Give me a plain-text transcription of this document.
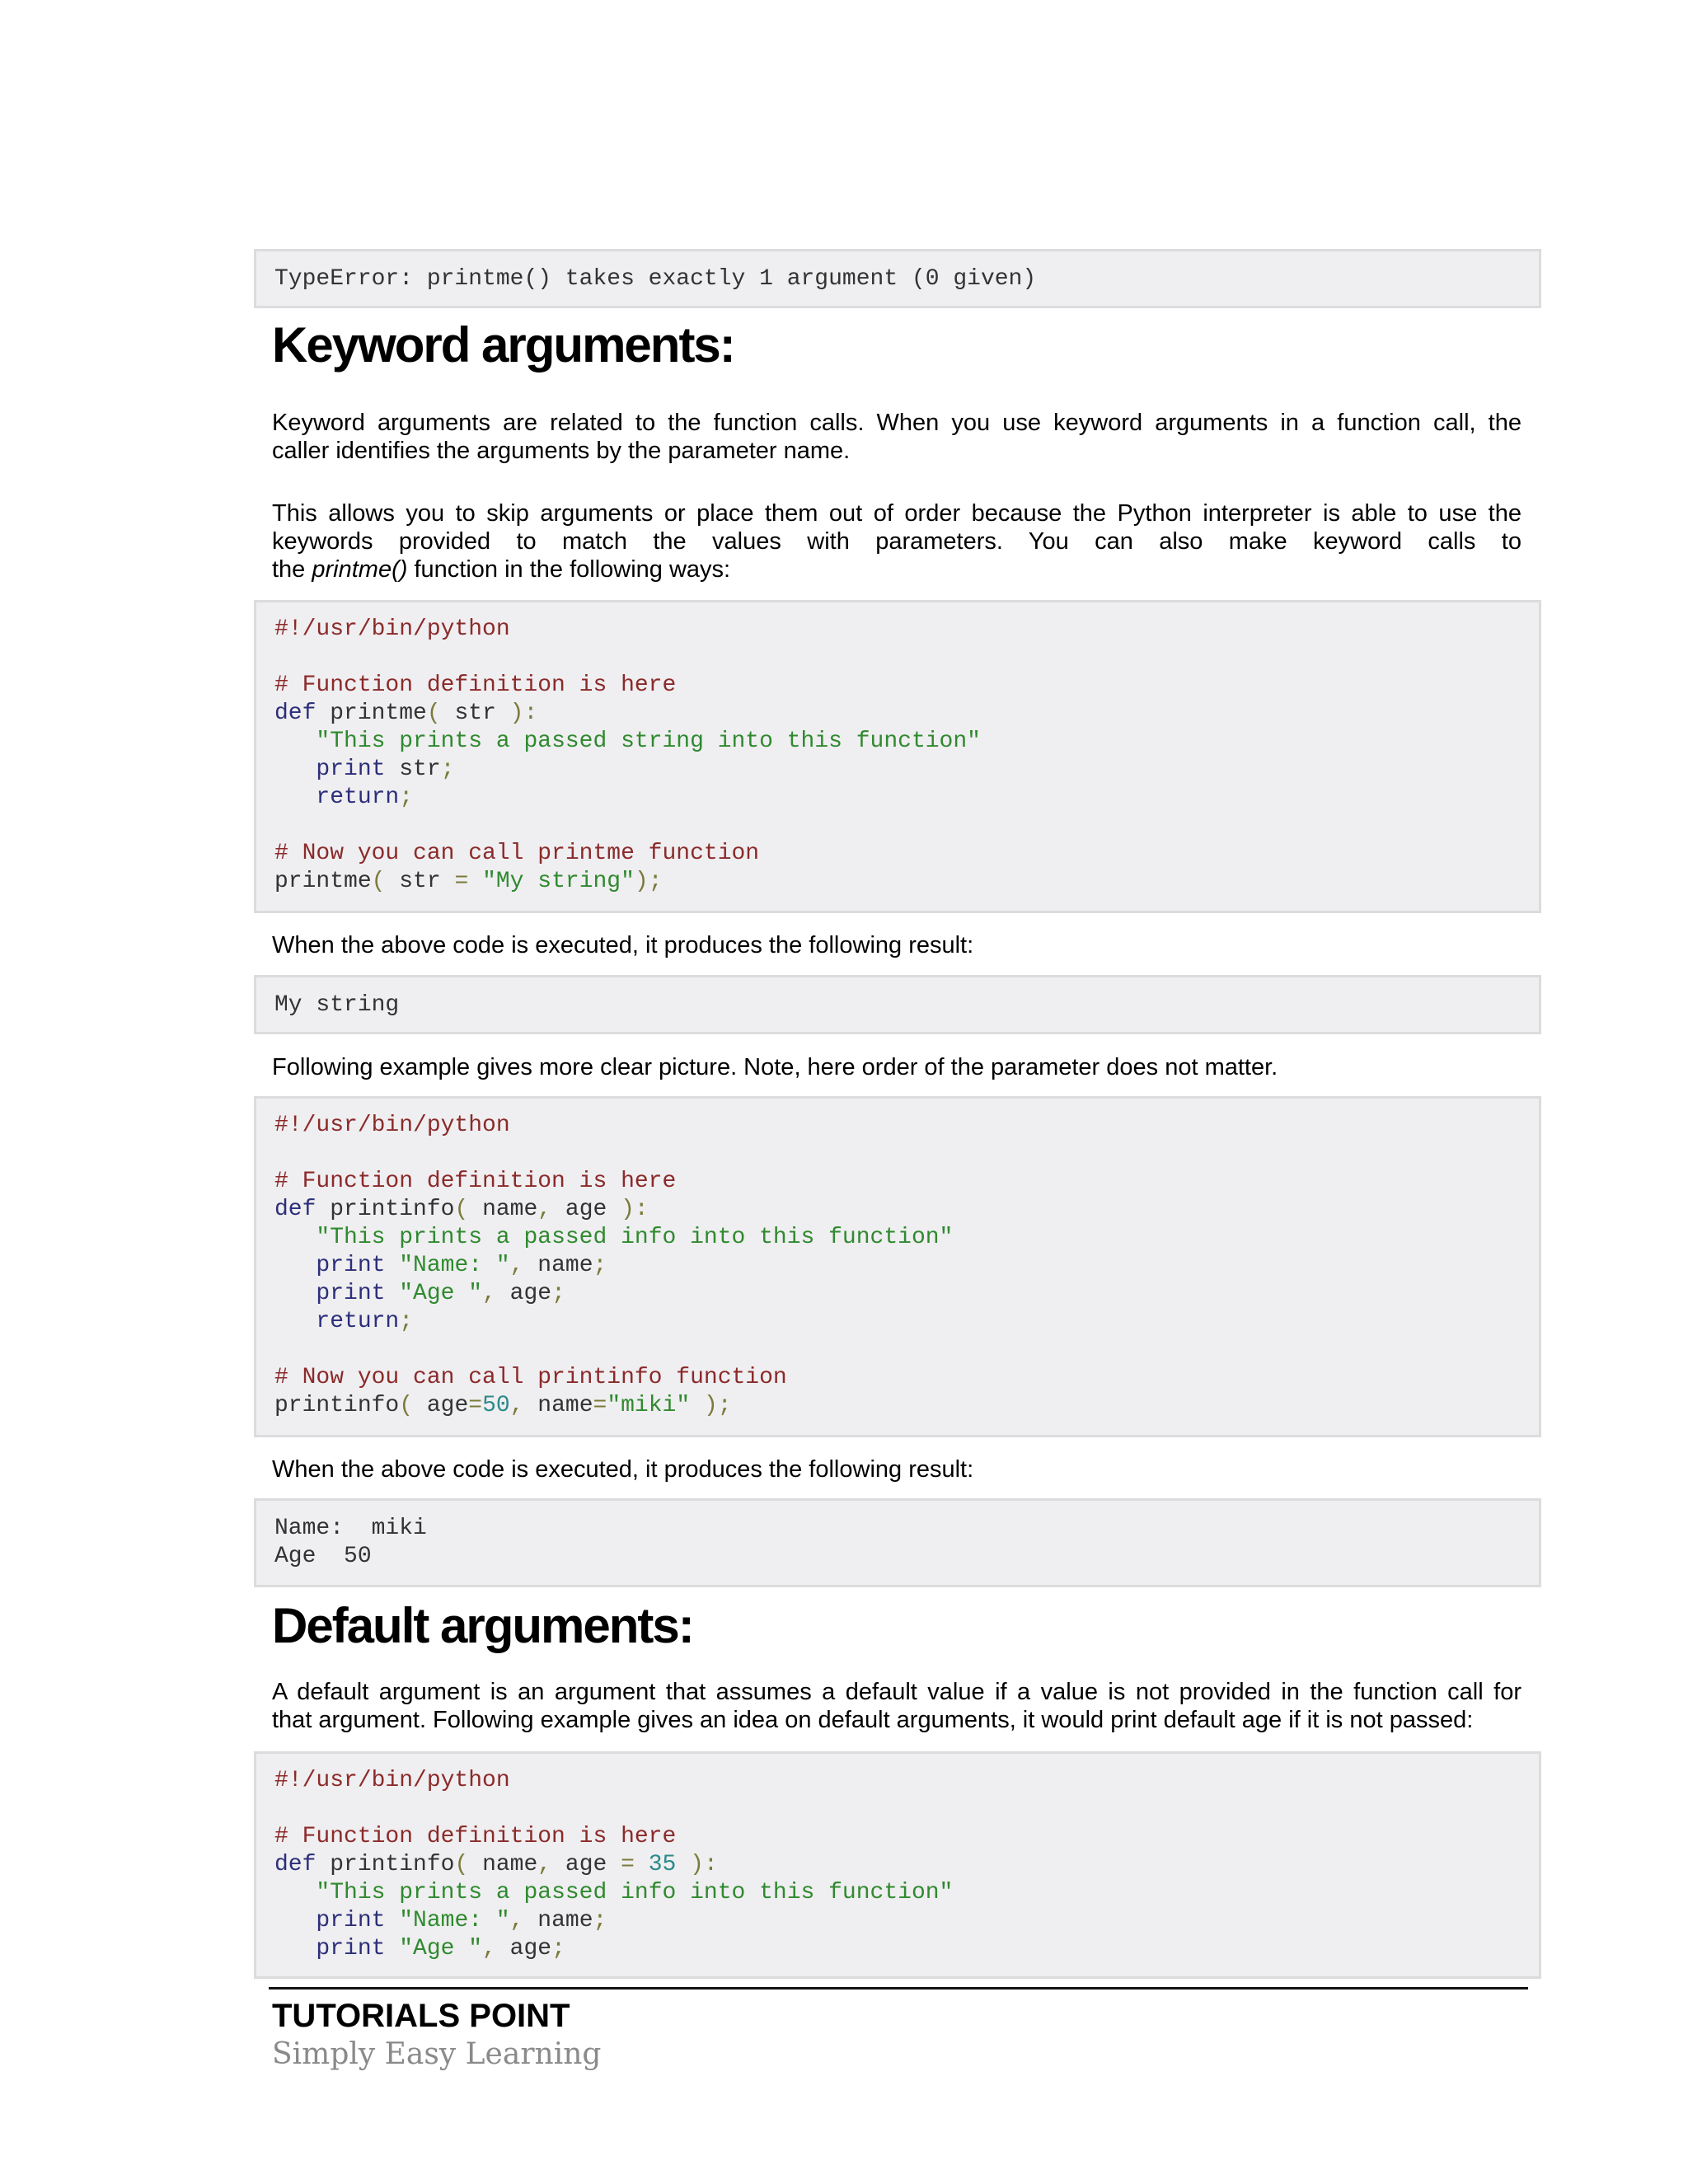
TypeError: printme() takes exactly 1 argument (0 given)
Keyword arguments:
Keyword arguments are related to the function calls. When you use keyword arguments in a function call, the
caller identifies the arguments by the parameter name.
This allows you to skip arguments or place them out of order because the Python interpreter is able to use the
keywords provided to match the values with parameters. You can also make keyword calls to
the printme() function in the following ways:
#!/usr/bin/python
# Function definition is here
def printme( str ):
"This prints a passed string into this function"
print str;
return;
# Now you can call printme function
printme( str = "My string");

When the above code is executed, it produces the following result:

My string

Following example gives more clear picture. Note, here order of the parameter does not matter.

#!/usr/bin/python
# Function definition is here
def printinfo( name, age ):
"This prints a passed info into this function"
print "Name: ", name;
print "Age ", age;
return;
# Now you can call printinfo function
printinfo( age=50, name="miki" );

When the above code is executed, it produces the following result:

Name:  miki
Age  50
Default arguments:
A default argument is an argument that assumes a default value if a value is not provided in the function call for
that argument. Following example gives an idea on default arguments, it would print default age if it is not passed:
#!/usr/bin/python
# Function definition is here
def printinfo( name, age = 35 ):
"This prints a passed info into this function"
print "Name: ", name;
print "Age ", age;
TUTORIALS POINT
Simply Easy Learning
